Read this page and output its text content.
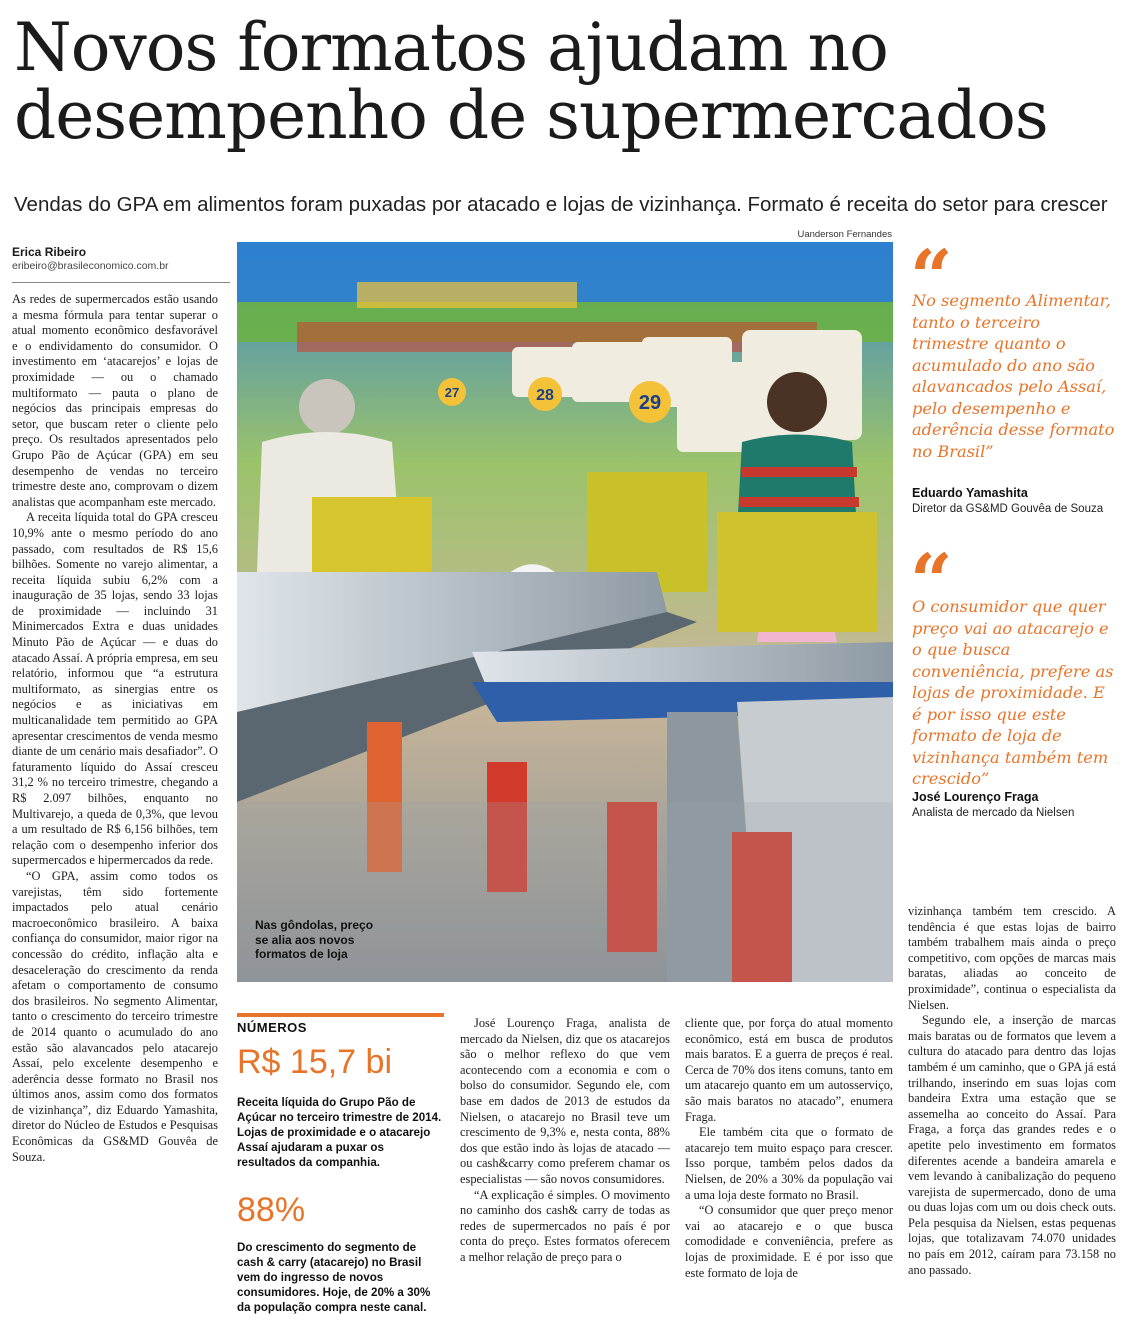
Novos formatos ajudam no
desempenho de supermercados

Vendas do GPA em alimentos foram puxadas por atacado e lojas de vizinhança. Formato é receita do setor para crescer

Erica Ribeiro
eribeiro@brasileconomico.com.br

As redes de supermercados estão usando a mesma fórmula para tentar superar o atual momento econômico desfavorável e o endividamento do consumidor. O investimento em ‘atacarejos’ e lojas de proximidade — ou o chamado multiformato — pauta o plano de negócios das principais empresas do setor, que buscam reter o cliente pelo preço. Os resultados apresentados pelo Grupo Pão de Açúcar (GPA) em seu desempenho de vendas no terceiro trimestre deste ano, comprovam o dizem analistas que acompanham este mercado.

A receita líquida total do GPA cresceu 10,9% ante o mesmo período do ano passado, com resultados de R$ 15,6 bilhões. Somente no varejo alimentar, a receita líquida subiu 6,2% com a inauguração de 35 lojas, sendo 33 lojas de proximidade — incluindo 31 Minimercados Extra e duas unidades Minuto Pão de Açúcar — e duas do atacado Assaí. A própria empresa, em seu relatório, informou que “a estrutura multiformato, as sinergias entre os negócios e as iniciativas em multicanalidade tem permitido ao GPA apresentar crescimentos de venda mesmo diante de um cenário mais desafiador”. O faturamento líquido do Assaí cresceu 31,2 % no terceiro trimestre, chegando a R$ 2.097 bilhões, enquanto no Multivarejo, a queda de 0,3%, que levou a um resultado de R$ 6,156 bilhões, tem relação com o desempenho inferior dos supermercados e hipermercados da rede.

“O GPA, assim como todos os varejistas, têm sido fortemente impactados pelo atual cenário macroeconômico brasileiro. A baixa confiança do consumidor, maior rigor na concessão do crédito, inflação alta e desaceleração do crescimento da renda afetam o comportamento de consumo dos brasileiros. No segmento Alimentar, tanto o crescimento do terceiro trimestre de 2014 quanto o acumulado do ano estão são alavancados pelo atacarejo Assaí, pelo excelente desempenho e aderência desse formato no Brasil nos últimos anos, assim como dos formatos de vizinhança”, diz Eduardo Yamashita, diretor do Núcleo de Estudos e Pesquisas Econômicas da GS&MD Gouvêa de Souza.

Uanderson Fernandes
27	28	29
Nas gôndolas, preço se alia aos novos formatos de loja
“
No segmento Alimentar, tanto o terceiro trimestre quanto o acumulado do ano são alavancados pelo Assaí, pelo desempenho e aderência desse formato no Brasil”
Eduardo Yamashita
Diretor da GS&MD Gouvêa de Souza
“
O consumidor que quer preço vai ao atacarejo e o que busca conveniência, prefere as lojas de proximidade. E é por isso que este formato de loja de vizinhança também tem crescido”
José Lourenço Fraga
Analista de mercado da Nielsen
NÚMEROS
R$ 15,7 bi
Receita líquida do Grupo Pão de Açúcar no terceiro trimestre de 2014. Lojas de proximidade e o atacarejo Assaí ajudaram a puxar os resultados da companhia.
88%
Do crescimento do segmento de cash & carry (atacarejo) no Brasil vem do ingresso de novos consumidores. Hoje, de 20% a 30% da população compra neste canal.

José Lourenço Fraga, analista de mercado da Nielsen, diz que os atacarejos são o melhor reflexo do que vem acontecendo com a economia e com o bolso do consumidor. Segundo ele, com base em dados de 2013 de estudos da Nielsen, o atacarejo no Brasil teve um crescimento de 9,3% e, nesta conta, 88% dos que estão indo às lojas de atacado — ou cash&carry como preferem chamar os especialistas — são novos consumidores.

“A explicação é simples. O movimento no caminho dos cash& carry de todas as redes de supermercados no país é por conta do preço. Estes formatos oferecem a melhor relação de preço para o

cliente que, por força do atual momento econômico, está em busca de produtos mais baratos. E a guerra de preços é real. Cerca de 70% dos itens comuns, tanto em um atacarejo quanto em um autosserviço, são mais baratos no atacado”, enumera Fraga.

Ele também cita que o formato de atacarejo tem muito espaço para crescer. Isso porque, também pelos dados da Nielsen, de 20% a 30% da população vai a uma loja deste formato no Brasil.

“O consumidor que quer preço menor vai ao atacarejo e o que busca comodidade e conveniência, prefere as lojas de proximidade. E é por isso que este formato de loja de

vizinhança também tem crescido. A tendência é que estas lojas de bairro também trabalhem mais ainda o preço competitivo, com opções de marcas mais baratas, aliadas ao conceito de proximidade”, continua o especialista da Nielsen.

Segundo ele, a inserção de marcas mais baratas ou de formatos que levem a cultura do atacado para dentro das lojas também é um caminho, que o GPA já está trilhando, inserindo em suas lojas com bandeira Extra uma estação que se assemelha ao conceito do Assaí. Para Fraga, a força das grandes redes e o apetite pelo investimento em formatos diferentes acende a bandeira amarela e vem levando à canibalização do pequeno varejista de supermercado, dono de uma ou duas lojas com um ou dois check outs. Pela pesquisa da Nielsen, estas pequenas lojas, que totalizavam 74.070 unidades no país em 2012, caíram para 73.158 no ano passado.
